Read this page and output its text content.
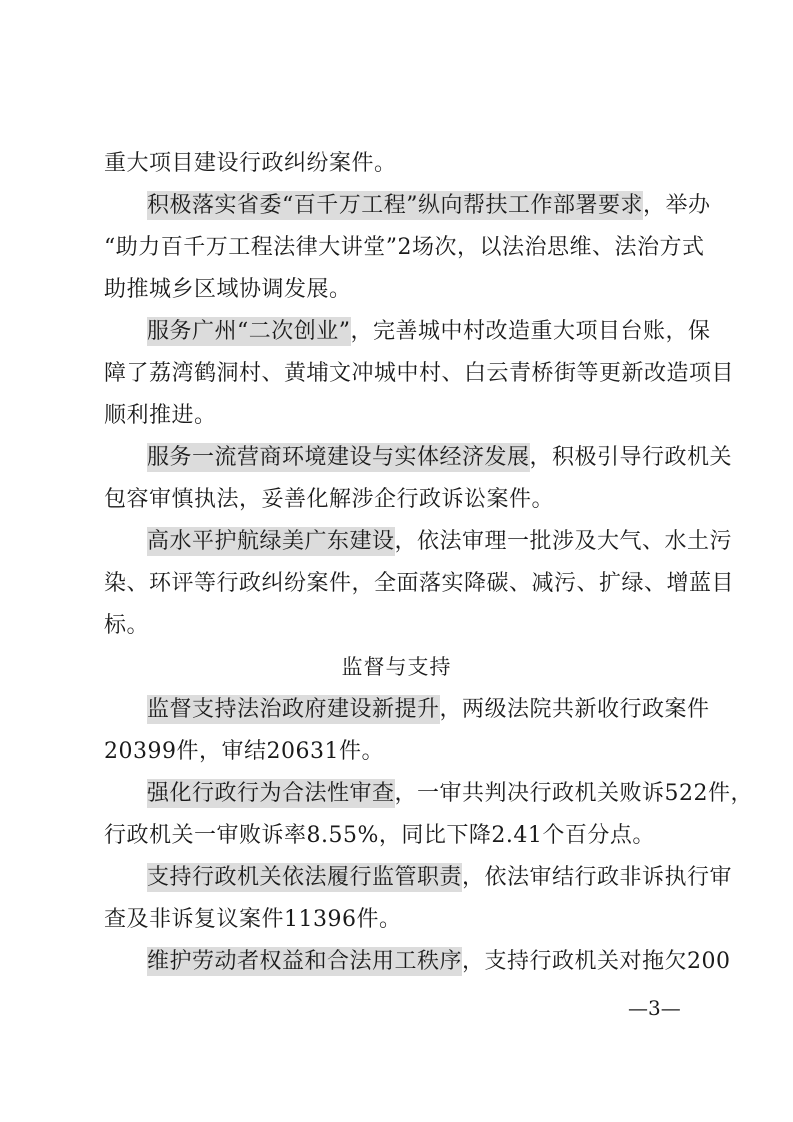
重大项目建设行政纠纷案件。
积极落实省委“百千万工程”纵向帮扶工作部署要求，举办
“助力百千万工程法律大讲堂”2场次，以法治思维、法治方式
助推城乡区域协调发展。
服务广州“二次创业”，完善城中村改造重大项目台账，保
障了荔湾鹤洞村、黄埔文冲城中村、白云青桥街等更新改造项目
顺利推进。
服务一流营商环境建设与实体经济发展，积极引导行政机关
包容审慎执法，妥善化解涉企行政诉讼案件。
高水平护航绿美广东建设，依法审理一批涉及大气、水土污
染、环评等行政纠纷案件，全面落实降碳、减污、扩绿、增蓝目
标。
监督与支持
监督支持法治政府建设新提升，两级法院共新收行政案件
20399件，审结20631件。
强化行政行为合法性审查，一审共判决行政机关败诉522件，
行政机关一审败诉率8.55%，同比下降2.41个百分点。
支持行政机关依法履行监管职责，依法审结行政非诉执行审
查及非诉复议案件11396件。
维护劳动者权益和合法用工秩序，支持行政机关对拖欠200
—3—
